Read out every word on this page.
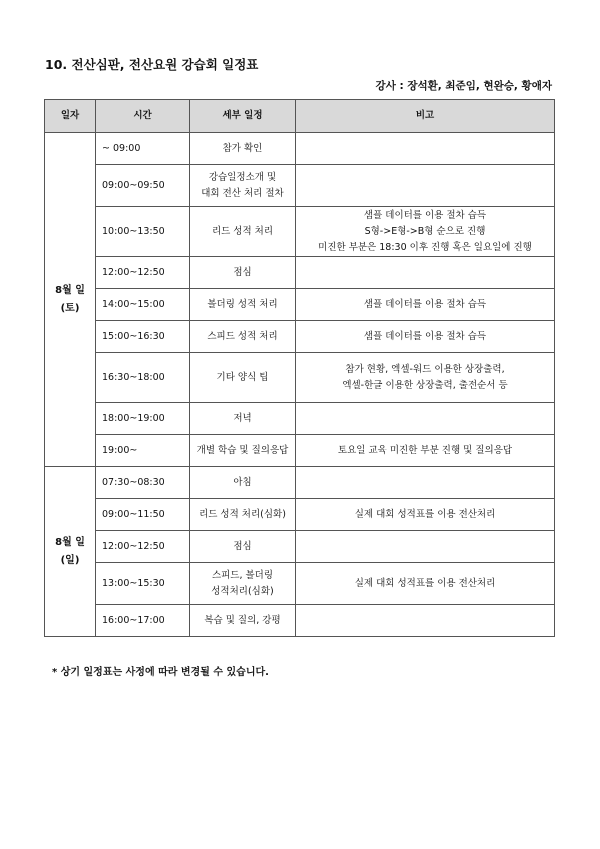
10. 전산심판, 전산요원 강습회 일정표
강사 : 장석환, 최준임, 현완승, 황애자
일자	시간	세부 일정	비고

8월 일
(토)	~ 09:00	참가 확인	

	09:00~09:50	강습일정소개 및
대회 전산 처리 절차	

	10:00~13:50	리드 성적 처리	샘플 데이터를 이용 절차 습득
S형->E형->B형 순으로 진행
미진한 부분은 18:30 이후 진행 혹은 일요일에 진행

	12:00~12:50	점심	

	14:00~15:00	볼더링 성적 처리	샘플 데이터를 이용 절차 습득

	15:00~16:30	스피드 성적 처리	샘플 데이터를 이용 절차 습득

	16:30~18:00	기타 양식 팁	참가 현황, 엑셀-워드 이용한 상장출력,
엑셀-한글 이용한 상장출력, 출전순서 등

	18:00~19:00	저녁	

	19:00~	개별 학습 및 질의응답	토요일 교육 미진한 부분 진행 및 질의응답

8월 일
(일)	07:30~08:30	아침	

	09:00~11:50	리드 성적 처리(심화)	실제 대회 성적표를 이용 전산처리

	12:00~12:50	점심	

	13:00~15:30	스피드, 볼더링
성적처리(심화)	실제 대회 성적표를 이용 전산처리

	16:00~17:00	복습 및 질의, 강평	

* 상기 일정표는 사정에 따라 변경될 수 있습니다.
